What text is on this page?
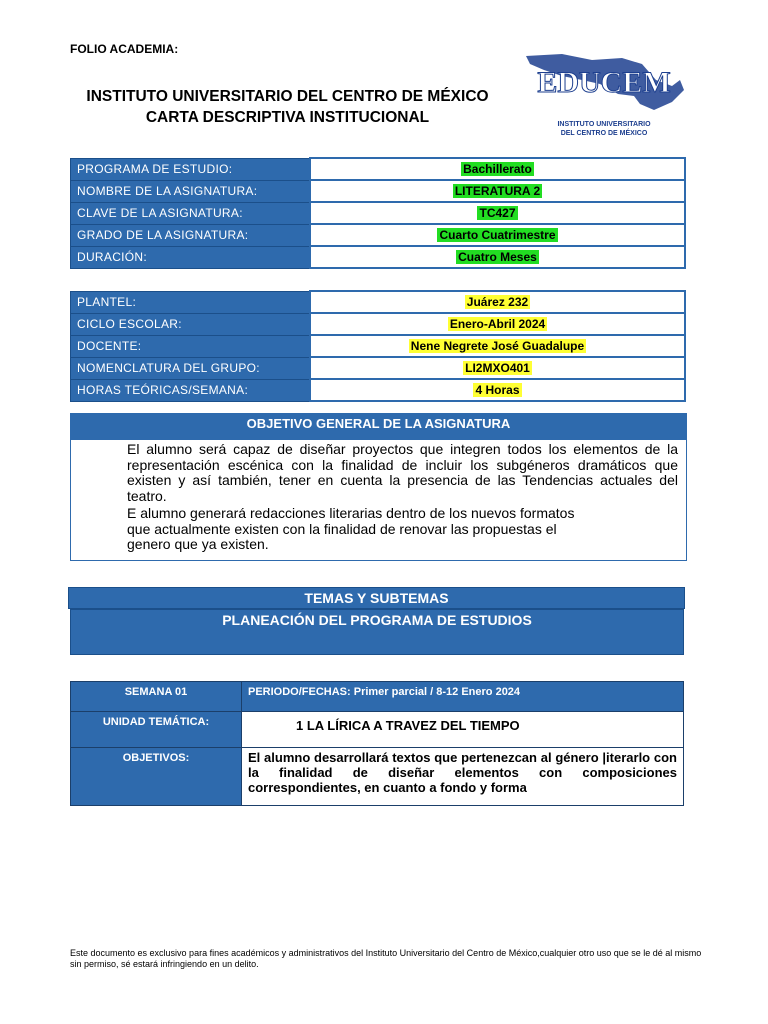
FOLIO ACADEMIA:
INSTITUTO UNIVERSITARIO DEL CENTRO DE MÉXICO
CARTA DESCRIPTIVA INSTITUCIONAL
EDUCEM
INSTITUTO UNIVERSITARIO
DEL CENTRO DE MÉXICO
PROGRAMA DE ESTUDIO:	Bachillerato
NOMBRE DE LA ASIGNATURA:	LITERATURA 2
CLAVE DE LA ASIGNATURA:	TC427
GRADO DE LA ASIGNATURA:	Cuarto Cuatrimestre
DURACIÓN:	Cuatro Meses
PLANTEL:	Juárez 232
CICLO ESCOLAR:	Enero-Abril 2024
DOCENTE:	Nene Negrete José Guadalupe
NOMENCLATURA DEL GRUPO:	LI2MXO401
HORAS TEÓRICAS/SEMANA:	4 Horas
OBJETIVO GENERAL DE LA ASIGNATURA

El alumno será capaz de diseñar proyectos que integren todos los elementos de la representación escénica con la finalidad de incluir los subgéneros dramáticos que existen y así también, tener en cuenta la presencia de las Tendencias actuales del teatro.

E alumno generará redacciones literarias dentro de los nuevos formatos que actualmente existen con la finalidad de renovar las propuestas el genero que ya existen.

TEMAS Y SUBTEMAS
PLANEACIÓN DEL PROGRAMA DE ESTUDIOS
SEMANA 01	PERIODO/FECHAS: Primer parcial / 8-12 Enero 2024
UNIDAD TEMÁTICA:	1 LA LÍRICA A TRAVEZ DEL TIEMPO
OBJETIVOS:	El alumno desarrollará textos que pertenezcan al género |iterarlo con la finalidad de diseñar elementos con composiciones correspondientes, en cuanto a fondo y forma
Este documento es exclusivo para fines académicos y administrativos del Instituto Universitario del Centro de México,cualquier otro uso que se le dé al mismo sin permiso, sé estará infringiendo en un delito.
